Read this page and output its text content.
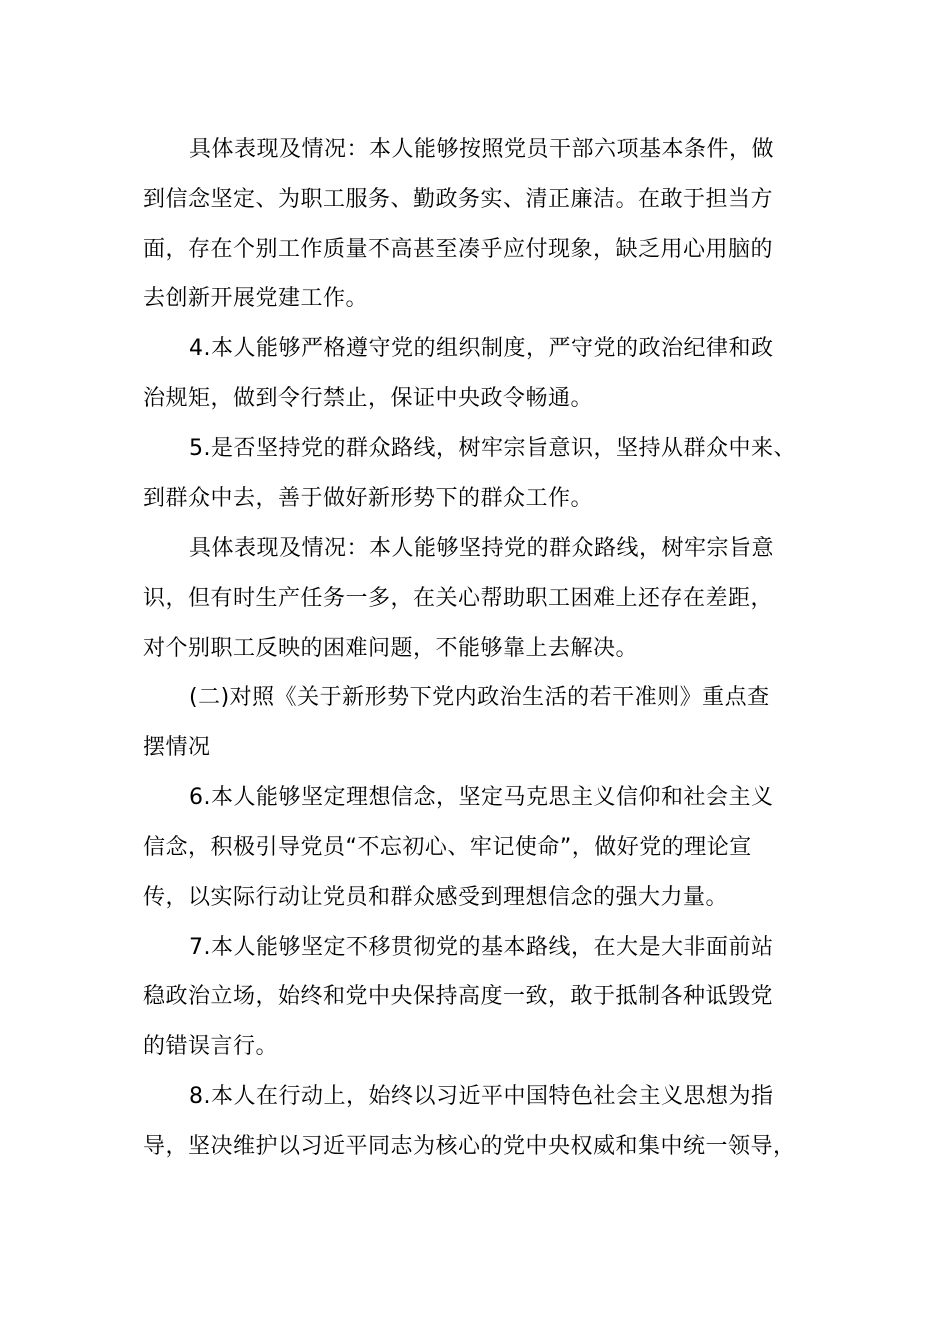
具体表现及情况：本人能够按照党员干部六项基本条件，做
到信念坚定、为职工服务、勤政务实、清正廉洁。在敢于担当方
面，存在个别工作质量不高甚至凑乎应付现象，缺乏用心用脑的
去创新开展党建工作。
4.本人能够严格遵守党的组织制度，严守党的政治纪律和政
治规矩，做到令行禁止，保证中央政令畅通。
5.是否坚持党的群众路线，树牢宗旨意识，坚持从群众中来、
到群众中去，善于做好新形势下的群众工作。
具体表现及情况：本人能够坚持党的群众路线，树牢宗旨意
识，但有时生产任务一多，在关心帮助职工困难上还存在差距，
对个别职工反映的困难问题，不能够靠上去解决。
(二)对照《关于新形势下党内政治生活的若干准则》重点查
摆情况
6.本人能够坚定理想信念，坚定马克思主义信仰和社会主义
信念，积极引导党员“不忘初心、牢记使命”，做好党的理论宣
传，以实际行动让党员和群众感受到理想信念的强大力量。
7.本人能够坚定不移贯彻党的基本路线，在大是大非面前站
稳政治立场，始终和党中央保持高度一致，敢于抵制各种诋毁党
的错误言行。
8.本人在行动上，始终以习近平中国特色社会主义思想为指
导，坚决维护以习近平同志为核心的党中央权威和集中统一领导，
